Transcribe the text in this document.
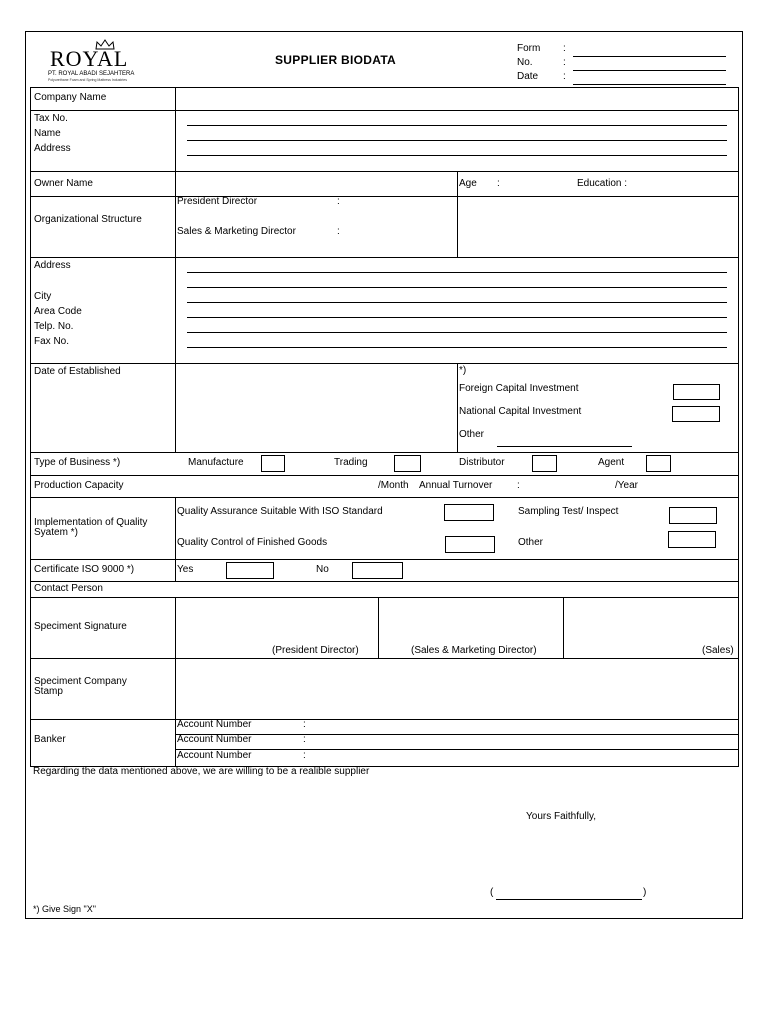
ROYAL
PT. ROYAL ABADI SEJAHTERA
Polyurethane Foam and Spring Mattress Industries
SUPPLIER BIODATA
Form :
No.	:
Date :
Company Name
Tax No.
Name
Address
Owner Name	Age :	Education :
Organizational Structure
President Director	:
Sales & Marketing Director	:
Address
City
Area Code
Telp. No.
Fax No.
Date of Established	*)
Foreign Capital Investment
National Capital Investment
Other
Type of Business *)	Manufacture	Trading	Distributor	Agent
Production Capacity	/Month Annual Turnover :	/Year
Implementation of Quality
Syatem *)
Quality Assurance Suitable With ISO Standard	Sampling Test/ Inspect
Quality Control of Finished Goods	Other
Certificate ISO 9000 *)	Yes	No
Contact Person
Speciment Signature
(President Director)	(Sales & Marketing Director)	(Sales)
Speciment Company
Stamp
Banker
Account Number	:
Account Number	:
Account Number	:
Regarding the data mentioned above, we are willing to be a realible supplier
Yours Faithfully,
(	)
*) Give Sign "X"
